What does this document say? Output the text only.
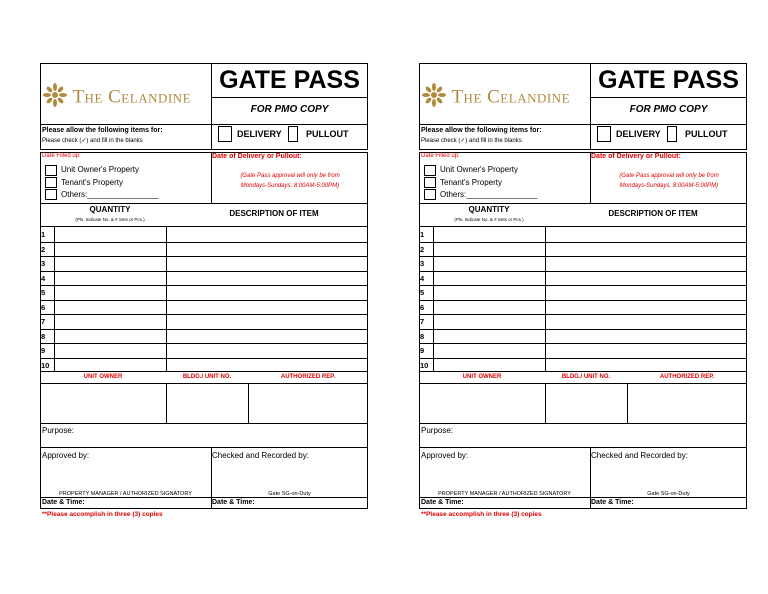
The Celandine
GATE PASS
FOR PMO COPY
Please allow the following items for:
Please check (✓) and fill in the blanks
DELIVERY	PULLOUT
Date Filled up:	Date of Delivery or Pullout:
Unit Owner's Property
Tenant's Property
Others:________________
(Gate Pass approval will only be from
Mondays-Sundays, 8:00AM-5:00PM)
QUANTITY
(Pls. Indicate No. & # Sets or Pcs.)
DESCRIPTION OF ITEM
1
2
3
4
5
6
7
8
9
10
UNIT OWNER	BLDG./ UNIT NO.	AUTHORIZED REP.
Purpose:
Approved by:	Checked and Recorded by:
PROPERTY MANAGER / AUTHORIZED SIGNATORY	Gate SG-on-Duty
Date & Time:	Date & Time:
**Please accomplish in three (3) copies
The Celandine
GATE PASS
FOR PMO COPY
Please allow the following items for:
Please check (✓) and fill in the blanks
DELIVERY	PULLOUT
Date Filled up:	Date of Delivery or Pullout:
Unit Owner's Property
Tenant's Property
Others:________________
(Gate Pass approval will only be from
Mondays-Sundays, 8:00AM-5:00PM)
QUANTITY
(Pls. Indicate No. & # Sets or Pcs.)
DESCRIPTION OF ITEM
1
2
3
4
5
6
7
8
9
10
UNIT OWNER	BLDG./ UNIT NO.	AUTHORIZED REP.
Purpose:
Approved by:	Checked and Recorded by:
PROPERTY MANAGER / AUTHORIZED SIGNATORY	Gate SG-on-Duty
Date & Time:	Date & Time:
**Please accomplish in three (3) copies
